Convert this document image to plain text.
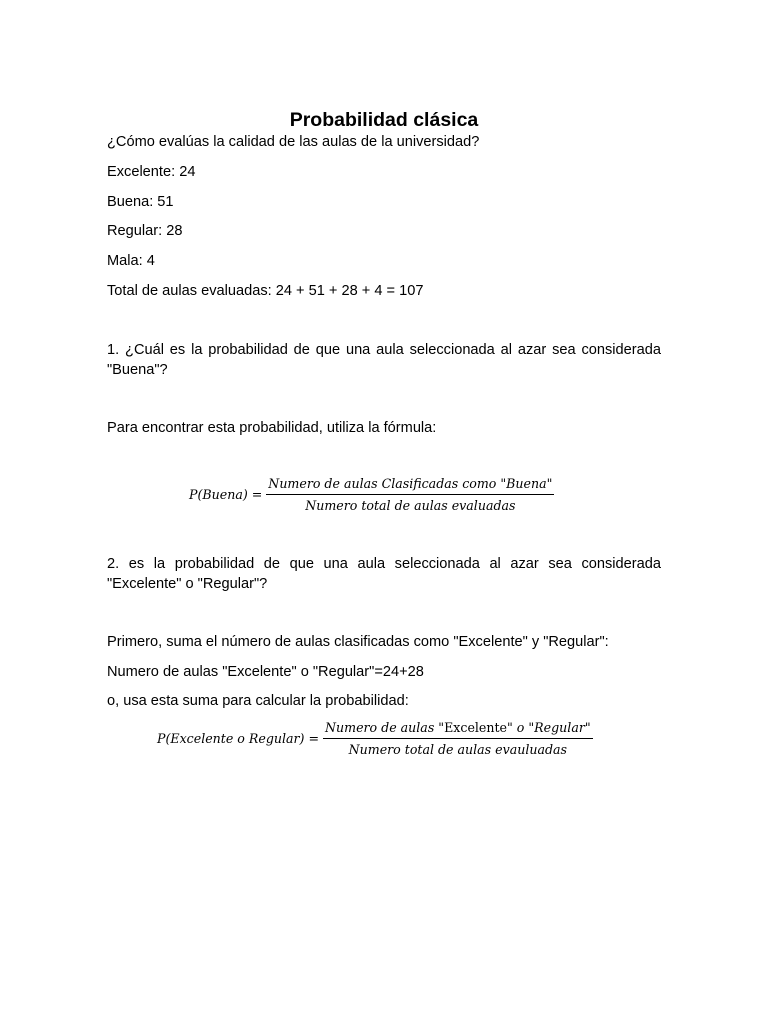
Probabilidad clásica

¿Cómo evalúas la calidad de las aulas de la universidad?

Excelente: 24

Buena: 51

Regular: 28

Mala: 4

Total de aulas evaluadas: 24 + 51 + 28 + 4 = 107

1. ¿Cuál es la probabilidad de que una aula seleccionada al azar sea considerada
"Buena"?

Para encontrar esta probabilidad, utiliza la fórmula:

P(Buena) = $\frac{\text{Numero de aulas Clasificadas como "Buena"}}{\text{Numero total de aulas evaluadas}}$
2. es la probabilidad de que una aula seleccionada al azar sea considerada
"Excelente" o "Regular"?

Primero, suma el número de aulas clasificadas como "Excelente" y "Regular":

Numero de aulas "Excelente" o "Regular"=24+28

o, usa esta suma para calcular la probabilidad:

P(Excelente o Regular) = $\frac{\text{Numero de aulas "Excelente" o "Regular"}}{\text{Numero total de aulas evauluadas}}$
